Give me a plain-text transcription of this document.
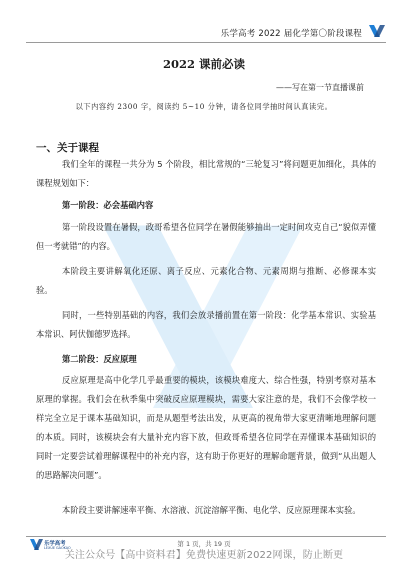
乐学高考 2022 届化学第〇阶段课程
2022 课前必读
——写在第一节直播课前
以下内容约 2300 字，阅读约 5~10 分钟，请各位同学抽时间认真读完。
一、关于课程
我们全年的课程一共分为 5 个阶段，相比常规的“三轮复习”将问题更加细化，具体的课程规划如下：
第一阶段：必会基础内容
第一阶段设置在暑假，政哥希望各位同学在暑假能够抽出一定时间攻克自己“貌似弄懂但一考就错”的内容。
本阶段主要讲解氧化还原、离子反应、元素化合物、元素周期与推断、必修课本实验。
同时，一些特别基础的内容，我们会放录播前置在第一阶段：化学基本常识、实验基本常识、阿伏伽德罗选择。
第二阶段：反应原理
反应原理是高中化学几乎最重要的模块，该模块难度大、综合性强，特别考察对基本原理的掌握。我们会在秋季集中突破反应原理模块，需要大家注意的是，我们不会像学校一样完全立足于课本基础知识，而是从题型考法出发，从更高的视角带大家更清晰地理解问题的本质。同时，该模块会有大量补充内容下放，但政哥希望各位同学在弄懂课本基础知识的同时一定要尝试着理解课程中的补充内容，这有助于你更好的理解命题背景，做到“从出题人的思路解决问题”。
本阶段主要讲解速率平衡、水溶液、沉淀溶解平衡、电化学、反应原理课本实验。
乐学高考
LEXUE GAOKAO	第 1 页，共 19 页
关注公众号【高中资料君】免费快速更新2022网课，防止断更
